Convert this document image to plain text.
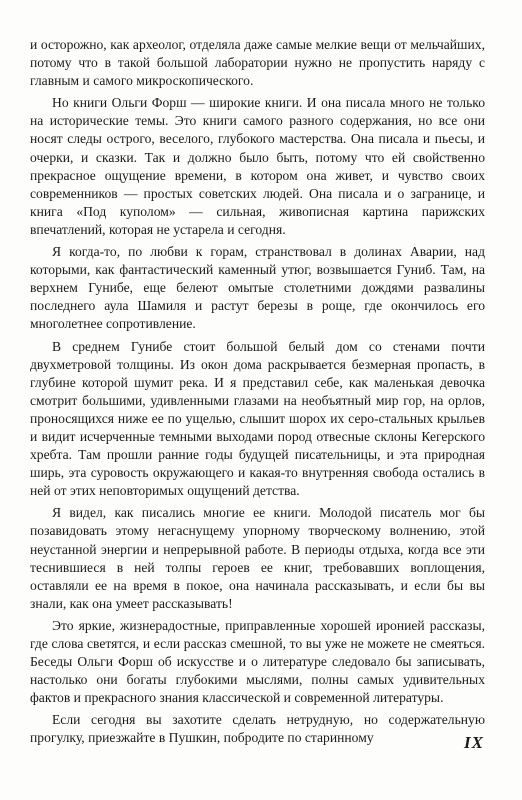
и осторожно, как археолог, отделяла даже самые мелкие вещи от мельчайших, потому что в такой большой лаборатории нужно не пропустить наряду с главным и самого микроскопического.

Но книги Ольги Форш — широкие книги. И она писала много не только на исторические темы. Это книги самого разного содержания, но все они носят следы острого, веселого, глубокого мастерства. Она писала и пьесы, и очерки, и сказки. Так и должно было быть, потому что ей свойственно прекрасное ощущение времени, в котором она живет, и чувство своих современников — простых советских людей. Она писала и о загранице, и книга «Под куполом» — сильная, живописная картина парижских впечатлений, которая не устарела и сегодня.

Я когда-то, по любви к горам, странствовал в долинах Аварии, над которыми, как фантастический каменный утюг, возвышается Гуниб. Там, на верхнем Гунибе, еще белеют омытые столетними дождями развалины последнего аула Шамиля и растут березы в роще, где окончилось его многолетнее сопротивление.

В среднем Гунибе стоит большой белый дом со стенами почти двухметровой толщины. Из окон дома раскрывается безмерная пропасть, в глубине которой шумит река. И я представил себе, как маленькая девочка смотрит большими, удивленными глазами на необъятный мир гор, на орлов, проносящихся ниже ее по ущелью, слышит шорох их серо-стальных крыльев и видит исчерченные темными выходами пород отвесные склоны Кегерского хребта. Там прошли ранние годы будущей писательницы, и эта природная ширь, эта суровость окружающего и какая-то внутренняя свобода остались в ней от этих неповторимых ощущений детства.

Я видел, как писались многие ее книги. Молодой писатель мог бы позавидовать этому негаснущему упорному творческому волнению, этой неустанной энергии и непрерывной работе. В периоды отдыха, когда все эти теснившиеся в ней толпы героев ее книг, требовавших воплощения, оставляли ее на время в покое, она начинала рассказывать, и если бы вы знали, как она умеет рассказывать!

Это яркие, жизнерадостные, приправленные хорошей иронией рассказы, где слова светятся, и если рассказ смешной, то вы уже не можете не смеяться. Беседы Ольги Форш об искусстве и о литературе следовало бы записывать, настолько они богаты глубокими мыслями, полны самых удивительных фактов и прекрасного знания классической и современной литературы.

Если сегодня вы захотите сделать нетрудную, но содержательную прогулку, приезжайте в Пушкин, побродите по старинному	IX
